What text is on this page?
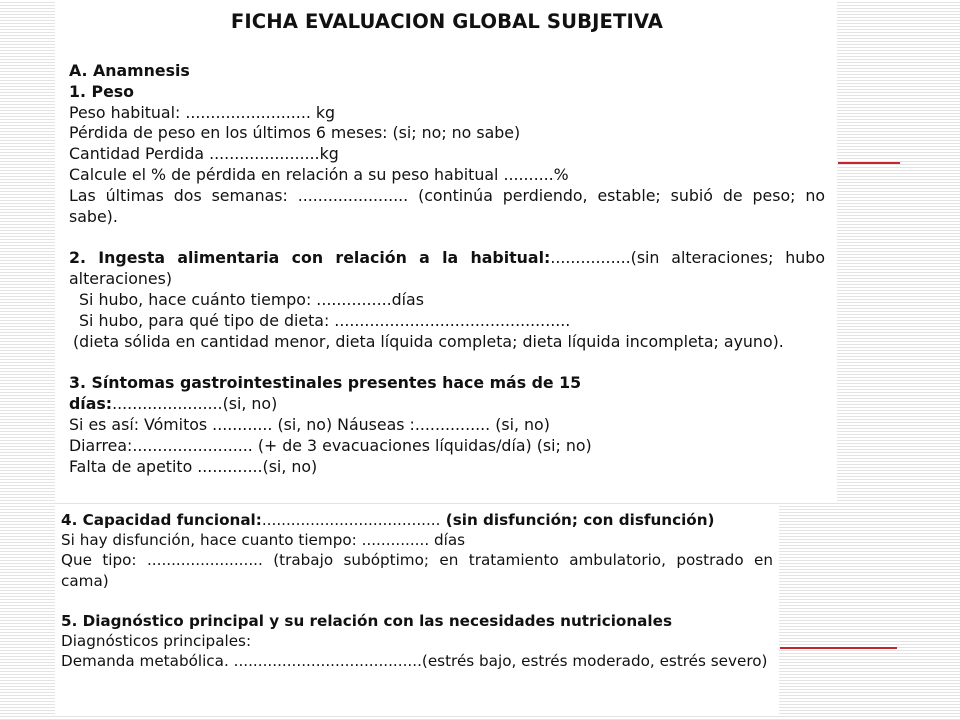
FICHA EVALUACION GLOBAL SUBJETIVA
A. Anamnesis
1. Peso
Peso habitual: ......................... kg
Pérdida de peso en los últimos 6 meses: (si; no; no sabe)
Cantidad Perdida ......................kg
Calcule el % de pérdida en relación a su peso habitual ..........%
Las últimas dos semanas: ...................... (continúa perdiendo, estable; subió de peso; no sabe).
2. Ingesta alimentaria con relación a la habitual:................(sin alteraciones; hubo alteraciones)
Si hubo, hace cuánto tiempo: ...............días
Si hubo, para qué tipo de dieta: ...............................................
(dieta sólida en cantidad menor, dieta líquida completa; dieta líquida incompleta; ayuno).
3. Síntomas gastrointestinales presentes hace más de 15
días:......................(si, no)
Si es así: Vómitos ............ (si, no) Náuseas :............... (si, no)
Diarrea:........................ (+ de 3 evacuaciones líquidas/día) (si; no)
Falta de apetito .............(si, no)
4. Capacidad funcional:..................................... (sin disfunción; con disfunción)
Si hay disfunción, hace cuanto tiempo: .............. días
Que tipo: ........................ (trabajo subóptimo; en tratamiento ambulatorio, postrado en cama)
5. Diagnóstico principal y su relación con las necesidades nutricionales
Diagnósticos principales:
Demanda metabólica. .......................................(estrés bajo, estrés moderado, estrés severo)
